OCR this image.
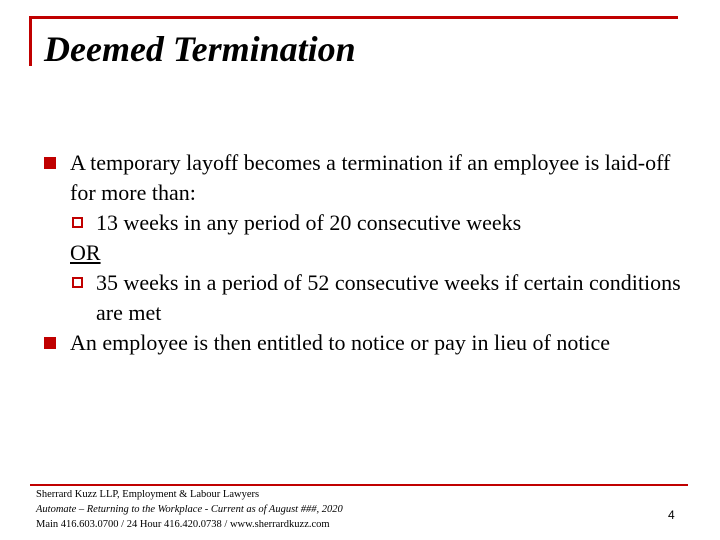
Deemed Termination
A temporary layoff becomes a termination if an employee is laid-off for more than:
13 weeks in any period of 20 consecutive weeks
OR
35 weeks in a period of 52 consecutive weeks if certain conditions are met
An employee is then entitled to notice or pay in lieu of notice
Sherrard Kuzz LLP, Employment & Labour Lawyers
Automate – Returning to the Workplace - Current as of August ###, 2020
Main 416.603.0700 / 24 Hour 416.420.0738 / www.sherrardkuzz.com
4
